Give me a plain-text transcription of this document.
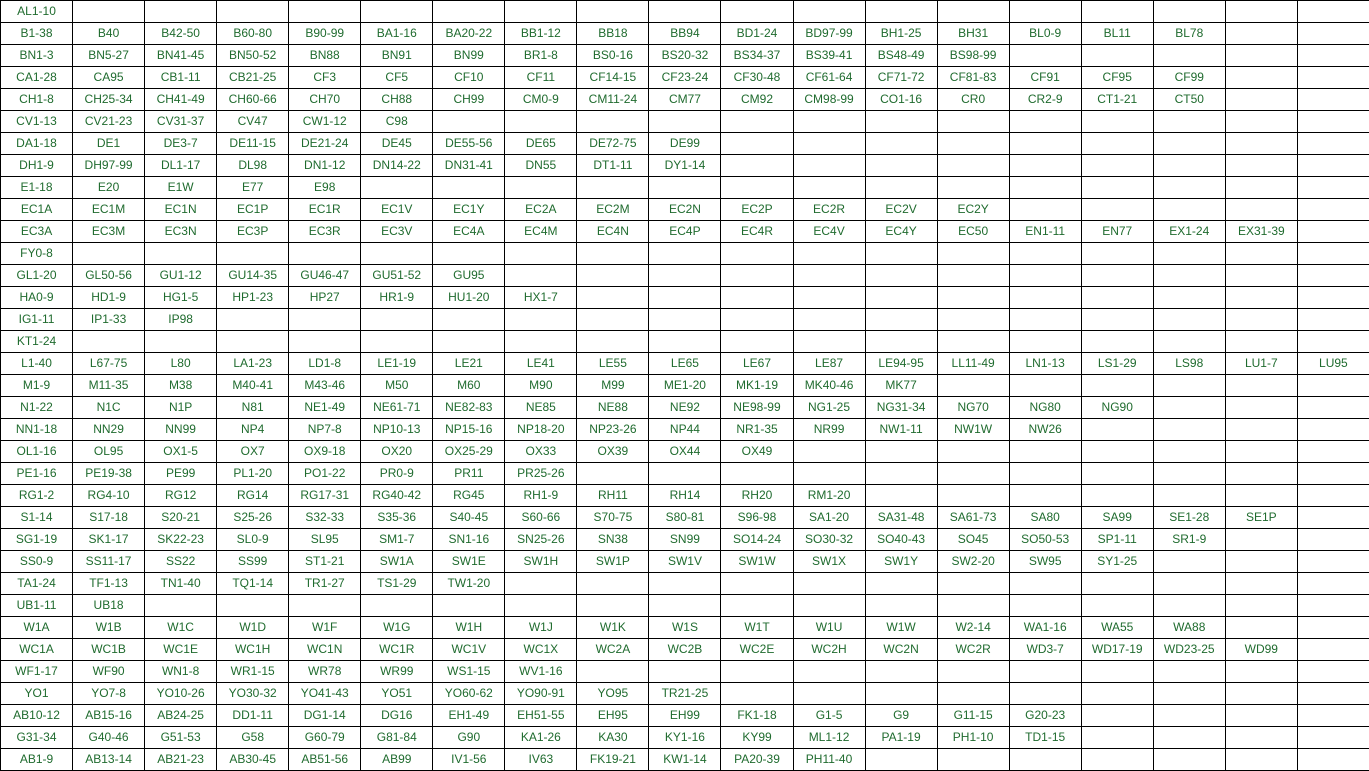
AL1-10																		
B1-38	B40	B42-50	B60-80	B90-99	BA1-16	BA20-22	BB1-12	BB18	BB94	BD1-24	BD97-99	BH1-25	BH31	BL0-9	BL11	BL78		
BN1-3	BN5-27	BN41-45	BN50-52	BN88	BN91	BN99	BR1-8	BS0-16	BS20-32	BS34-37	BS39-41	BS48-49	BS98-99					
CA1-28	CA95	CB1-11	CB21-25	CF3	CF5	CF10	CF11	CF14-15	CF23-24	CF30-48	CF61-64	CF71-72	CF81-83	CF91	CF95	CF99		
CH1-8	CH25-34	CH41-49	CH60-66	CH70	CH88	CH99	CM0-9	CM11-24	CM77	CM92	CM98-99	CO1-16	CR0	CR2-9	CT1-21	CT50		
CV1-13	CV21-23	CV31-37	CV47	CW1-12	C98													
DA1-18	DE1	DE3-7	DE11-15	DE21-24	DE45	DE55-56	DE65	DE72-75	DE99									
DH1-9	DH97-99	DL1-17	DL98	DN1-12	DN14-22	DN31-41	DN55	DT1-11	DY1-14									
E1-18	E20	E1W	E77	E98														
EC1A	EC1M	EC1N	EC1P	EC1R	EC1V	EC1Y	EC2A	EC2M	EC2N	EC2P	EC2R	EC2V	EC2Y					
EC3A	EC3M	EC3N	EC3P	EC3R	EC3V	EC4A	EC4M	EC4N	EC4P	EC4R	EC4V	EC4Y	EC50	EN1-11	EN77	EX1-24	EX31-39	
FY0-8																		
GL1-20	GL50-56	GU1-12	GU14-35	GU46-47	GU51-52	GU95												
HA0-9	HD1-9	HG1-5	HP1-23	HP27	HR1-9	HU1-20	HX1-7											
IG1-11	IP1-33	IP98																
KT1-24																		
L1-40	L67-75	L80	LA1-23	LD1-8	LE1-19	LE21	LE41	LE55	LE65	LE67	LE87	LE94-95	LL11-49	LN1-13	LS1-29	LS98	LU1-7	LU95
M1-9	M11-35	M38	M40-41	M43-46	M50	M60	M90	M99	ME1-20	MK1-19	MK40-46	MK77						
N1-22	N1C	N1P	N81	NE1-49	NE61-71	NE82-83	NE85	NE88	NE92	NE98-99	NG1-25	NG31-34	NG70	NG80	NG90			
NN1-18	NN29	NN99	NP4	NP7-8	NP10-13	NP15-16	NP18-20	NP23-26	NP44	NR1-35	NR99	NW1-11	NW1W	NW26				
OL1-16	OL95	OX1-5	OX7	OX9-18	OX20	OX25-29	OX33	OX39	OX44	OX49								
PE1-16	PE19-38	PE99	PL1-20	PO1-22	PR0-9	PR11	PR25-26											
RG1-2	RG4-10	RG12	RG14	RG17-31	RG40-42	RG45	RH1-9	RH11	RH14	RH20	RM1-20							
S1-14	S17-18	S20-21	S25-26	S32-33	S35-36	S40-45	S60-66	S70-75	S80-81	S96-98	SA1-20	SA31-48	SA61-73	SA80	SA99	SE1-28	SE1P	
SG1-19	SK1-17	SK22-23	SL0-9	SL95	SM1-7	SN1-16	SN25-26	SN38	SN99	SO14-24	SO30-32	SO40-43	SO45	SO50-53	SP1-11	SR1-9		
SS0-9	SS11-17	SS22	SS99	ST1-21	SW1A	SW1E	SW1H	SW1P	SW1V	SW1W	SW1X	SW1Y	SW2-20	SW95	SY1-25			
TA1-24	TF1-13	TN1-40	TQ1-14	TR1-27	TS1-29	TW1-20												
UB1-11	UB18																	
W1A	W1B	W1C	W1D	W1F	W1G	W1H	W1J	W1K	W1S	W1T	W1U	W1W	W2-14	WA1-16	WA55	WA88		
WC1A	WC1B	WC1E	WC1H	WC1N	WC1R	WC1V	WC1X	WC2A	WC2B	WC2E	WC2H	WC2N	WC2R	WD3-7	WD17-19	WD23-25	WD99	
WF1-17	WF90	WN1-8	WR1-15	WR78	WR99	WS1-15	WV1-16											
YO1	YO7-8	YO10-26	YO30-32	YO41-43	YO51	YO60-62	YO90-91	YO95	TR21-25									
AB10-12	AB15-16	AB24-25	DD1-11	DG1-14	DG16	EH1-49	EH51-55	EH95	EH99	FK1-18	G1-5	G9	G11-15	G20-23				
G31-34	G40-46	G51-53	G58	G60-79	G81-84	G90	KA1-26	KA30	KY1-16	KY99	ML1-12	PA1-19	PH1-10	TD1-15				
AB1-9	AB13-14	AB21-23	AB30-45	AB51-56	AB99	IV1-56	IV63	FK19-21	KW1-14	PA20-39	PH11-40							
